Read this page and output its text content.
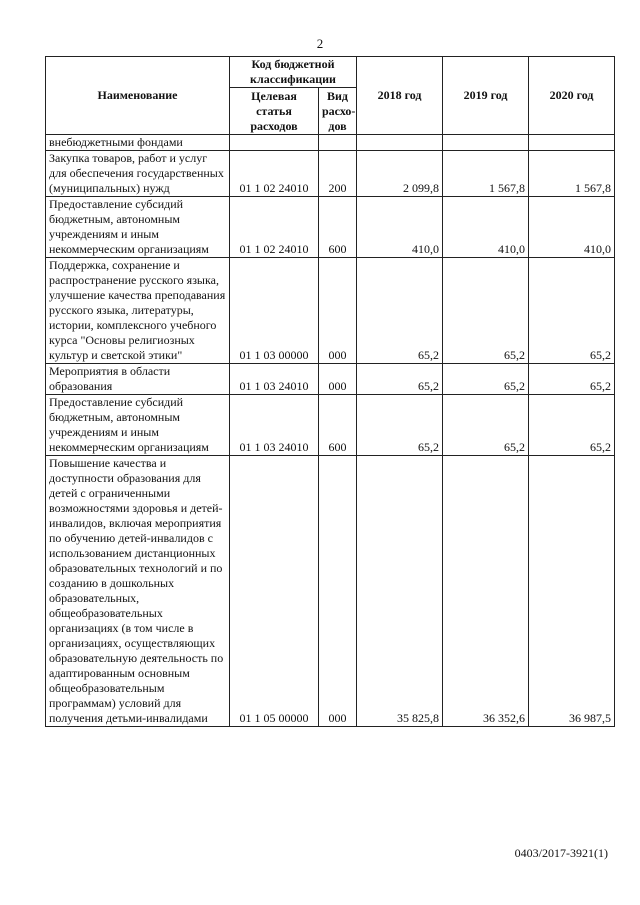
2
Наименование	Код бюджетной классификации		2018 год	2019 год	2020 год
	Целевая статья расходов	Вид расхо-дов			
внебюджетными фондами					
Закупка товаров, работ и услуг для обеспечения государственных (муниципальных) нужд	01 1 02 24010	200	2 099,8	1 567,8	1 567,8
Предоставление субсидий бюджетным, автономным учреждениям и иным некоммерческим организациям	01 1 02 24010	600	410,0	410,0	410,0
Поддержка, сохранение и распространение русского языка, улучшение качества преподавания русского языка, литературы, истории, комплексного учебного курса "Основы религиозных культур и светской этики"	01 1 03 00000	000	65,2	65,2	65,2
Мероприятия в области образования	01 1 03 24010	000	65,2	65,2	65,2
Предоставление субсидий бюджетным, автономным учреждениям и иным некоммерческим организациям	01 1 03 24010	600	65,2	65,2	65,2
Повышение качества и доступности образования для детей с ограниченными возможностями здоровья и детей-инвалидов, включая мероприятия по обучению детей-инвалидов с использованием дистанционных образовательных технологий и по созданию в дошкольных образовательных, общеобразовательных организациях (в том числе в организациях, осуществляющих образовательную деятельность по адаптированным основным общеобразовательным программам) условий для получения детьми-инвалидами	01 1 05 00000	000	35 825,8	36 352,6	36 987,5
0403/2017-3921(1)
